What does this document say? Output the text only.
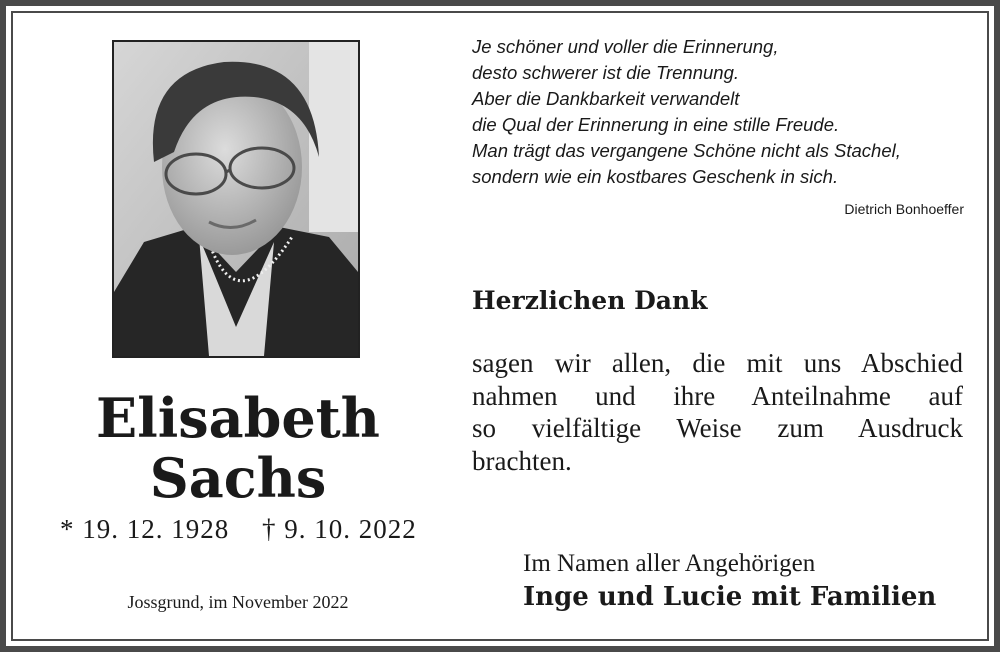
Elisabeth
Sachs
* 19. 12. 1928 † 9. 10. 2022
Jossgrund, im November 2022
Je schöner und voller die Erinnerung,
desto schwerer ist die Trennung.
Aber die Dankbarkeit verwandelt
die Qual der Erinnerung in eine stille Freude.
Man trägt das vergangene Schöne nicht als Stachel,
sondern wie ein kostbares Geschenk in sich.
Dietrich Bonhoeffer
Herzlichen Dank
sagen wir allen, die mit uns Abschied
nahmen und ihre Anteilnahme auf
so vielfältige Weise zum Ausdruck
brachten.
Im Namen aller Angehörigen
Inge und Lucie mit Familien
